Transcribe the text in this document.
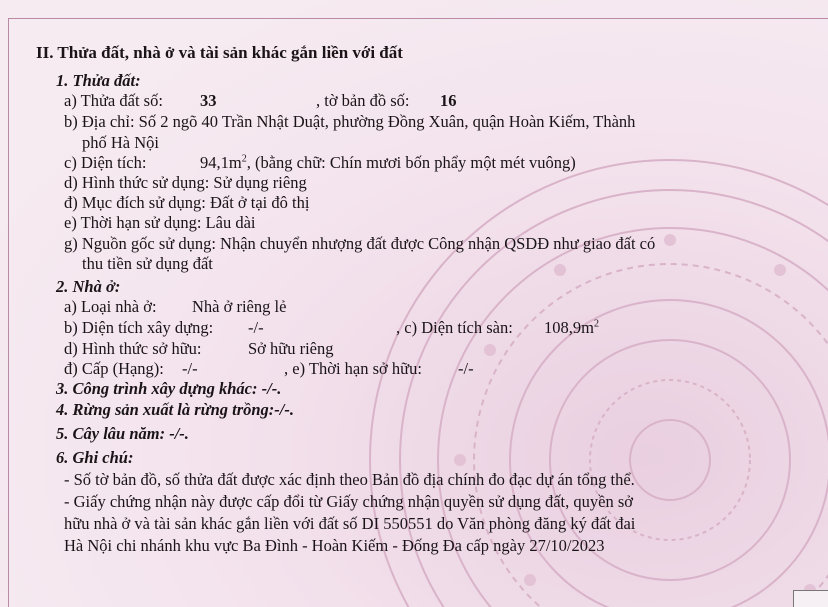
II. Thửa đất, nhà ở và tài sản khác gắn liền với đất
1. Thửa đất:
a) Thửa đất số: 33	, tờ bản đồ số: 16
b) Địa chỉ: Số 2 ngõ 40 Trần Nhật Duật, phường Đồng Xuân, quận Hoàn Kiếm, Thành
phố Hà Nội
c) Diện tích:	$94,1m^2$, (bằng chữ: Chín mươi bốn phẩy một mét vuông)
d) Hình thức sử dụng: Sử dụng riêng
đ) Mục đích sử dụng: Đất ở tại đô thị
e) Thời hạn sử dụng: Lâu dài
g) Nguồn gốc sử dụng: Nhận chuyển nhượng đất được Công nhận QSDĐ như giao đất có
thu tiền sử dụng đất
2. Nhà ở:
a) Loại nhà ở: Nhà ở riêng lẻ
b) Diện tích xây dựng: -/-	, c) Diện tích sàn: $108,9m^2$
d) Hình thức sở hữu:	Sở hữu riêng
đ) Cấp (Hạng): -/-	, e) Thời hạn sở hữu: -/-
3. Công trình xây dựng khác: -/-.
4. Rừng sản xuất là rừng trồng:-/-.
5. Cây lâu năm: -/-.
6. Ghi chú:
- Số tờ bản đồ, số thửa đất được xác định theo Bản đồ địa chính đo đạc dự án tổng thể.
- Giấy chứng nhận này được cấp đổi từ Giấy chứng nhận quyền sử dụng đất, quyền sở
hữu nhà ở và tài sản khác gắn liền với đất số DI 550551 do Văn phòng đăng ký đất đai
Hà Nội chi nhánh khu vực Ba Đình - Hoàn Kiếm - Đống Đa cấp ngày 27/10/2023
